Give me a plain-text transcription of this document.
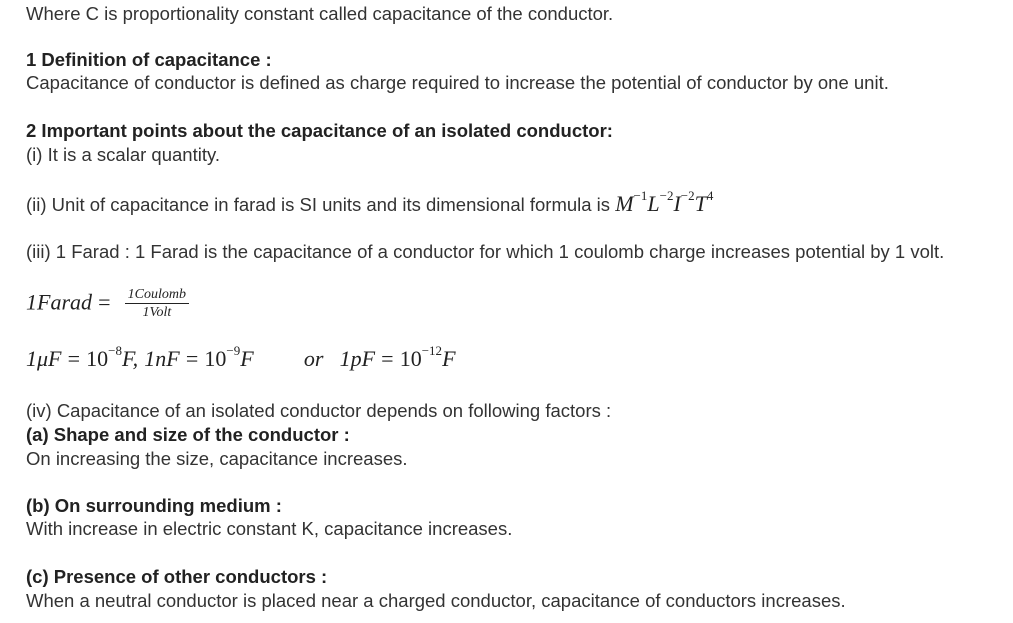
Where C is proportionality constant called capacitance of the conductor.
1 Definition of capacitance :
Capacitance of conductor is defined as charge required to increase the potential of conductor by one unit.
2 Important points about the capacitance of an isolated conductor:
(i) It is a scalar quantity.
(ii) Unit of capacitance in farad is SI units and its dimensional formula is $M^{-1}L^{-2}I^{-2}T^4$
(iii) 1 Farad : 1 Farad is the capacitance of a conductor for which 1 coulomb charge increases potential by 1 volt.
1Farad = $\frac{\text{1Coulomb}}{\text{1Volt}}$
$1\mu F = 10^{-8}F$, $1nF = 10^{-9}F$ or $1pF = 10^{-12}F$
(iv) Capacitance of an isolated conductor depends on following factors :
(a) Shape and size of the conductor :
On increasing the size, capacitance increases.
(b) On surrounding medium :
With increase in electric constant K, capacitance increases.
(c) Presence of other conductors :
When a neutral conductor is placed near a charged conductor, capacitance of conductors increases.
